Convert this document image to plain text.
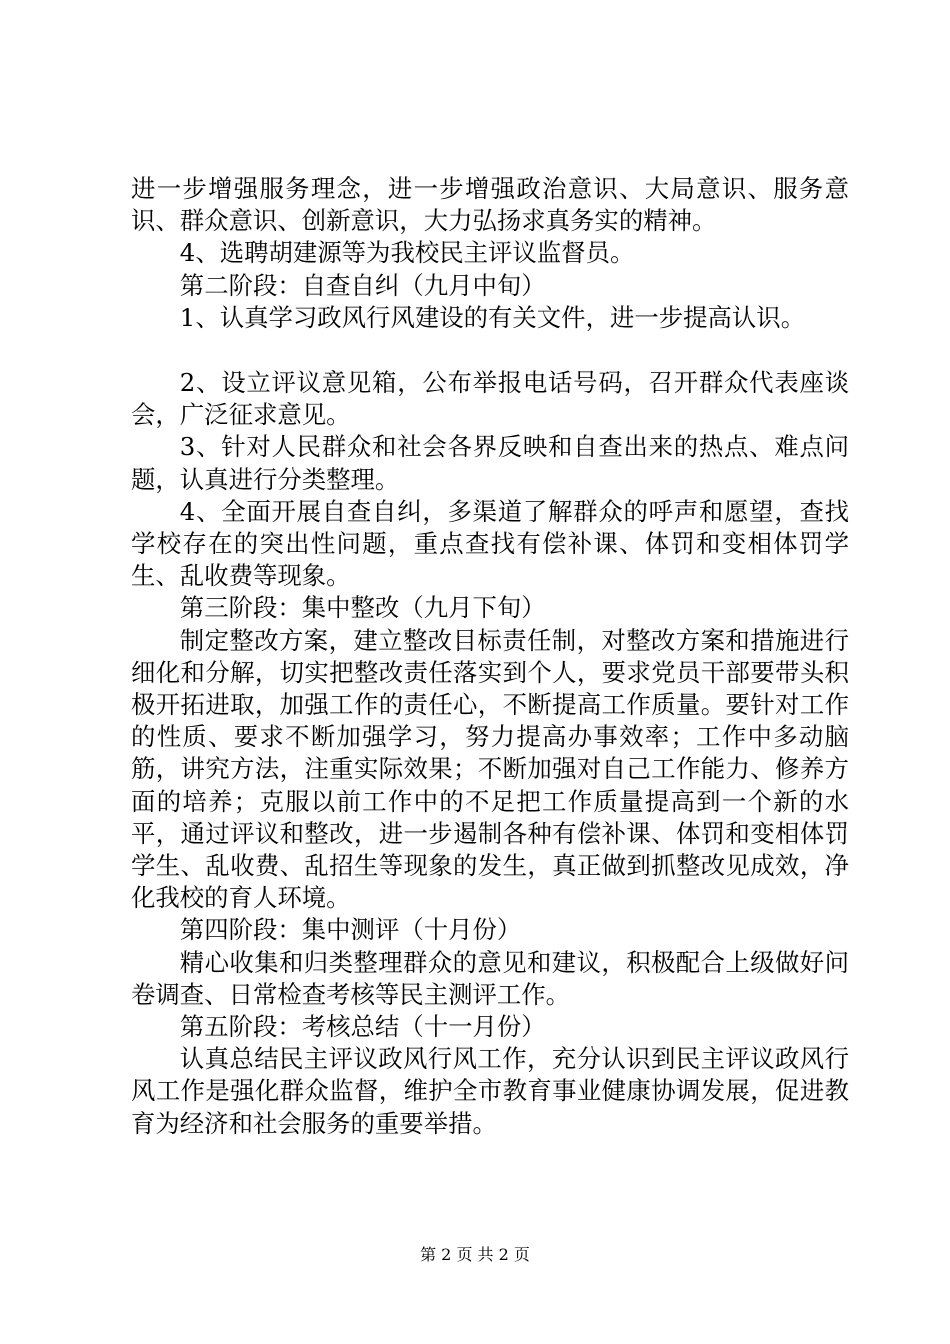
进一步增强服务理念，进一步增强政治意识、大局意识、服务意识、群众意识、创新意识，大力弘扬求真务实的精神。

4、选聘胡建源等为我校民主评议监督员。

第二阶段：自查自纠（九月中旬）

1、认真学习政风行风建设的有关文件，进一步提高认识。

2、设立评议意见箱，公布举报电话号码，召开群众代表座谈会，广泛征求意见。

3、针对人民群众和社会各界反映和自查出来的热点、难点问题，认真进行分类整理。

4、全面开展自查自纠，多渠道了解群众的呼声和愿望，查找学校存在的突出性问题，重点查找有偿补课、体罚和变相体罚学生、乱收费等现象。

第三阶段：集中整改（九月下旬）

制定整改方案，建立整改目标责任制，对整改方案和措施进行细化和分解，切实把整改责任落实到个人，要求党员干部要带头积极开拓进取，加强工作的责任心，不断提高工作质量。要针对工作的性质、要求不断加强学习，努力提高办事效率；工作中多动脑筋，讲究方法，注重实际效果；不断加强对自己工作能力、修养方面的培养；克服以前工作中的不足把工作质量提高到一个新的水平，通过评议和整改，进一步遏制各种有偿补课、体罚和变相体罚学生、乱收费、乱招生等现象的发生，真正做到抓整改见成效，净化我校的育人环境。

第四阶段：集中测评（十月份）

精心收集和归类整理群众的意见和建议，积极配合上级做好问卷调查、日常检查考核等民主测评工作。

第五阶段：考核总结（十一月份）

认真总结民主评议政风行风工作，充分认识到民主评议政风行风工作是强化群众监督，维护全市教育事业健康协调发展，促进教育为经济和社会服务的重要举措。

第 2 页 共 2 页
